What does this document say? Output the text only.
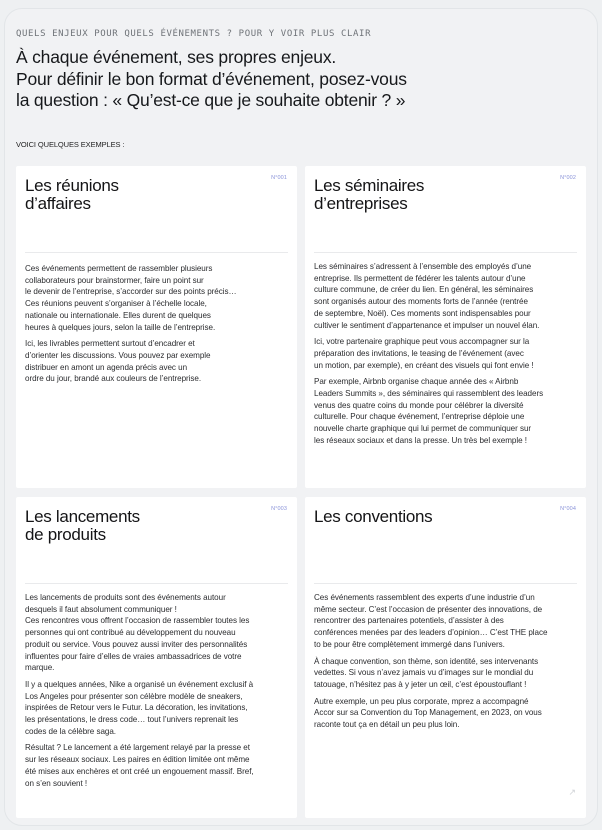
QUELS ENJEUX POUR QUELS ÉVÉNEMENTS ? POUR Y VOIR PLUS CLAIR
À chaque événement, ses propres enjeux.
Pour définir le bon format d’événement, posez-vous
la question : « Qu’est-ce que je souhaite obtenir ? »
VOICI QUELQUES EXEMPLES :
N°001
Les réunions
d’affaires

Ces événements permettent de rassembler plusieurs
collaborateurs pour brainstormer, faire un point sur
le devenir de l’entreprise, s’accorder sur des points précis…
Ces réunions peuvent s’organiser à l’échelle locale,
nationale ou internationale. Elles durent de quelques
heures à quelques jours, selon la taille de l’entreprise.

Ici, les livrables permettent surtout d’encadrer et
d’orienter les discussions. Vous pouvez par exemple
distribuer en amont un agenda précis avec un
ordre du jour, brandé aux couleurs de l’entreprise.

N°002
Les séminaires
d’entreprises

Les séminaires s’adressent à l’ensemble des employés d’une
entreprise. Ils permettent de fédérer les talents autour d’une
culture commune, de créer du lien. En général, les séminaires
sont organisés autour des moments forts de l’année (rentrée
de septembre, Noël). Ces moments sont indispensables pour
cultiver le sentiment d’appartenance et impulser un nouvel élan.

Ici, votre partenaire graphique peut vous accompagner sur la
préparation des invitations, le teasing de l’événement (avec
un motion, par exemple), en créant des visuels qui font envie !

Par exemple, Airbnb organise chaque année des « Airbnb
Leaders Summits », des séminaires qui rassemblent des leaders
venus des quatre coins du monde pour célébrer la diversité
culturelle. Pour chaque événement, l’entreprise déploie une
nouvelle charte graphique qui lui permet de communiquer sur
les réseaux sociaux et dans la presse. Un très bel exemple !

N°003
Les lancements
de produits

Les lancements de produits sont des événements autour
desquels il faut absolument communiquer !
Ces rencontres vous offrent l’occasion de rassembler toutes les
personnes qui ont contribué au développement du nouveau
produit ou service. Vous pouvez aussi inviter des personnalités
influentes pour faire d’elles de vraies ambassadrices de votre
marque.

Il y a quelques années, Nike a organisé un événement exclusif à
Los Angeles pour présenter son célèbre modèle de sneakers,
inspirées de Retour vers le Futur. La décoration, les invitations,
les présentations, le dress code… tout l’univers reprenait les
codes de la célèbre saga.

Résultat ? Le lancement a été largement relayé par la presse et
sur les réseaux sociaux. Les paires en édition limitée ont même
été mises aux enchères et ont créé un engouement massif. Bref,
on s’en souvient !

N°004
Les conventions

Ces événements rassemblent des experts d’une industrie d’un
même secteur. C’est l’occasion de présenter des innovations, de
rencontrer des partenaires potentiels, d’assister à des
conférences menées par des leaders d’opinion… C’est THE place
to be pour être complètement immergé dans l’univers.

À chaque convention, son thème, son identité, ses intervenants
vedettes. Si vous n’avez jamais vu d’images sur le mondial du
tatouage, n’hésitez pas à y jeter un œil, c’est époustouflant !

Autre exemple, un peu plus corporate, mprez a accompagné
Accor sur sa Convention du Top Management, en 2023, on vous
raconte tout ça en détail un peu plus loin.

↗
